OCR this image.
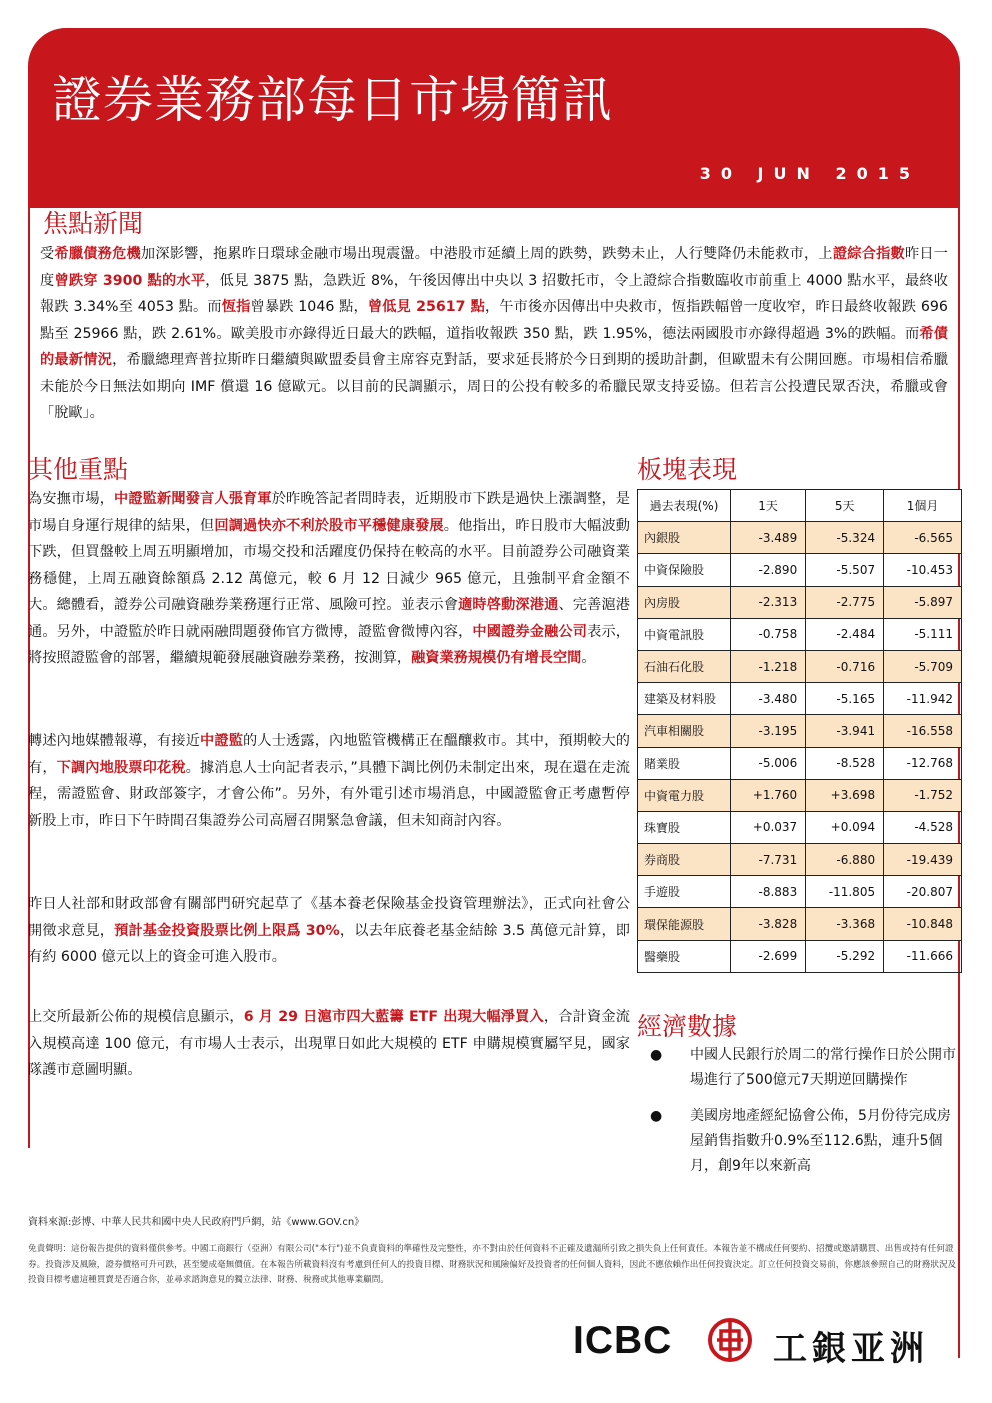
證券業務部每日市場簡訊
30 JUN 2015
焦點新聞
受希臘債務危機加深影響，拖累昨日環球金融市場出現震盪。中港股市延續上周的跌勢，跌勢未止，人行雙降仍未能救市，上證綜合指數昨日一度曾跌穿 3900 點的水平，低見 3875 點，急跌近 8%，午後因傳出中央以 3 招數托市，令上證綜合指數臨收市前重上 4000 點水平，最終收報跌 3.34%至 4053 點。而恆指曾暴跌 1046 點，曾低見 25617 點，午市後亦因傳出中央救市，恆指跌幅曾一度收窄，昨日最終收報跌 696 點至 25966 點，跌 2.61%。歐美股市亦錄得近日最大的跌幅，道指收報跌 350 點，跌 1.95%，德法兩國股市亦錄得超過 3%的跌幅。而希債的最新情況，希臘總理齊普拉斯昨日繼續與歐盟委員會主席容克對話，要求延長將於今日到期的援助計劃，但歐盟未有公開回應。市場相信希臘未能於今日無法如期向 IMF 償還 16 億歐元。以目前的民調顯示，周日的公投有較多的希臘民眾支持妥協。但若言公投遭民眾否決，希臘或會「脫歐」。
其他重點
為安撫市場，中證監新聞發言人張育軍於昨晚答記者問時表，近期股市下跌是過快上漲調整，是市場自身運行規律的結果，但回調過快亦不利於股市平穩健康發展。他指出，昨日股市大幅波動下跌，但買盤較上周五明顯增加，市場交投和活躍度仍保持在較高的水平。目前證券公司融資業務穩健，上周五融資餘額爲 2.12 萬億元，較 6 月 12 日減少 965 億元，且強制平倉金額不大。總體看，證券公司融資融券業務運行正常、風險可控。並表示會適時啓動深港通、完善滬港通。另外，中證監於昨日就兩融問題發佈官方微博，證監會微博內容，中國證券金融公司表示，將按照證監會的部署，繼續規範發展融資融券業務，按測算，融資業務規模仍有增長空間。
轉述內地媒體報導，有接近中證監的人士透露，內地監管機構正在醞釀救市。其中，預期較大的有，下調內地股票印花稅。據消息人士向記者表示，”具體下調比例仍未制定出來，現在還在走流程，需證監會、財政部簽字，才會公佈”。另外，有外電引述市場消息，中國證監會正考慮暫停新股上市，昨日下午時間召集證券公司高層召開緊急會議，但未知商討內容。
昨日人社部和財政部會有關部門研究起草了《基本養老保險基金投資管理辦法》，正式向社會公開徵求意見，預計基金投資股票比例上限爲 30%，以去年底養老基金結餘 3.5 萬億元計算，即有約 6000 億元以上的資金可進入股市。
上交所最新公佈的規模信息顯示，6 月 29 日滬市四大藍籌 ETF 出現大幅淨買入，合計資金流入規模高達 100 億元，有市場人士表示，出現單日如此大規模的 ETF 申購規模實屬罕見，國家隊護市意圖明顯。
板塊表現
過去表現(%)	1天	5天	1個月
內銀股	-3.489	-5.324	-6.565
中資保險股	-2.890	-5.507	-10.453
內房股	-2.313	-2.775	-5.897
中資電訊股	-0.758	-2.484	-5.111
石油石化股	-1.218	-0.716	-5.709
建築及材料股	-3.480	-5.165	-11.942
汽車相關股	-3.195	-3.941	-16.558
賭業股	-5.006	-8.528	-12.768
中資電力股	+1.760	+3.698	-1.752
珠寶股	+0.037	+0.094	-4.528
券商股	-7.731	-6.880	-19.439
手遊股	-8.883	-11.805	-20.807
環保能源股	-3.828	-3.368	-10.848
醫藥股	-2.699	-5.292	-11.666
經濟數據
● 中國人民銀行於周二的常行操作日於公開市場進行了500億元7天期逆回購操作
● 美國房地產經紀協會公佈，5月份待完成房屋銷售指數升0.9%至112.6點，連升5個月，創9年以來新高
資料來源:彭博、中華人民共和國中央人民政府門戶網，站《www.GOV.cn》
免責聲明：這份報告提供的資料僅供參考。中國工商銀行（亞洲）有限公司("本行")並不負責資料的準確性及完整性，亦不對由於任何資料不正確及遺漏所引致之損失負上任何責任。本報告並不構成任何要約、招攬或邀請購買、出售或持有任何證券。投資涉及風險，證券價格可升可跌，甚至變成毫無價值。在本報告所載資料沒有考慮到任何人的投資目標、財務狀況和風險偏好及投資者的任何個人資料，因此不應依賴作出任何投資決定。訂立任何投資交易前，你應該參照自己的財務狀況及投資目標考慮這種買賣是否適合你，並尋求諮詢意見的獨立法律、財務、稅務或其他專業顧問。
ICBC	工銀亚洲
